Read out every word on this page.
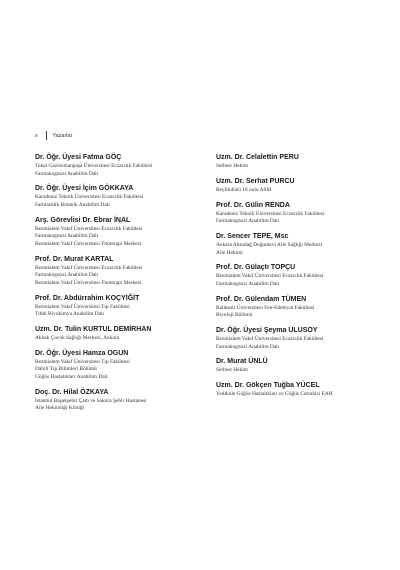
x	Yazarlar
Dr. Öğr. Üyesi Fatma GÖÇ
Tokat Gaziosmanpaşa Üniversitesi Eczacılık Fakültesi
Farmakognozi Anabilim Dalı
Dr. Öğr. Üyesi İçim GÖKKAYA
Karadeniz Teknik Üniversitesi Eczacılık Fakültesi
Farmasötik Botanik Anabilim Dalı
Arş. Görevlisi Dr. Ebrar İNAL
Bezmialem Vakıf Üniversitesi Eczacılık Fakültesi
Farmakognozi Anabilim Dalı
Bezmialem Vakıf Üniversitesi Fitoterapi Merkezi
Prof. Dr. Murat KARTAL
Bezmialem Vakıf Üniversitesi Eczacılık Fakültesi
Farmakognozi Anabilim Dalı
Bezmialem Vakıf Üniversitesi Fitoterapi Merkezi
Prof. Dr. Abdürrahim KOÇYİĞİT
Bezmialem Vakıf Üniversitesi Tıp Fakültesi
Tıbbi Biyokimya Anabilim Dalı
Uzm. Dr. Tulin KURTUL DEMİRHAN
Akbak Çocuk Sağlığı Merkezi, Ankara
Dr. Öğr. Üyesi Hamza OGUN
Bezmialem Vakıf Üniversitesi Tıp Fakültesi
Dahili Tıp Bilimleri Bölümü
Göğüs Hastalıkları Anabilim Dalı
Doç. Dr. Hilal ÖZKAYA
İstanbul Başakşehir Çam ve Sakura Şehir Hastanesi
Aile Hekimliği Kliniği
Uzm. Dr. Celalettin PERU
Serbest Hekim
Uzm. Dr. Serhat PURCU
Beylikdüzü 10 nolu ASM
Prof. Dr. Gülin RENDA
Karadeniz Teknik Üniversitesi Eczacılık Fakültesi
Farmakognozi Anabilim Dalı
Dr. Sencer TEPE, Msc
Ankara Altındağ Doğumevi Aile Sağlığı Merkezi
Aile Hekimi
Prof. Dr. Gülaçtı TOPÇU
Bezmialem Vakıf Üniversitesi Eczacılık Fakültesi
Farmakognozi Anabilim Dalı
Prof. Dr. Gülendam TÜMEN
Balıkesir Üniversitesi Fen-Edebiyat Fakültesi
Biyoloji Bölümü
Dr. Öğr. Üyesi Şeyma ULUSOY
Bezmialem Vakıf Üniversitesi Eczacılık Fakültesi
Farmakognozi Anabilim Dalı
Dr. Murat ÜNLÜ
Serbest Hekim
Uzm. Dr. Gökçen Tuğba YÜCEL
Yedikule Göğüs Hastalıkları ve Göğüs Cerrahisi EAH
